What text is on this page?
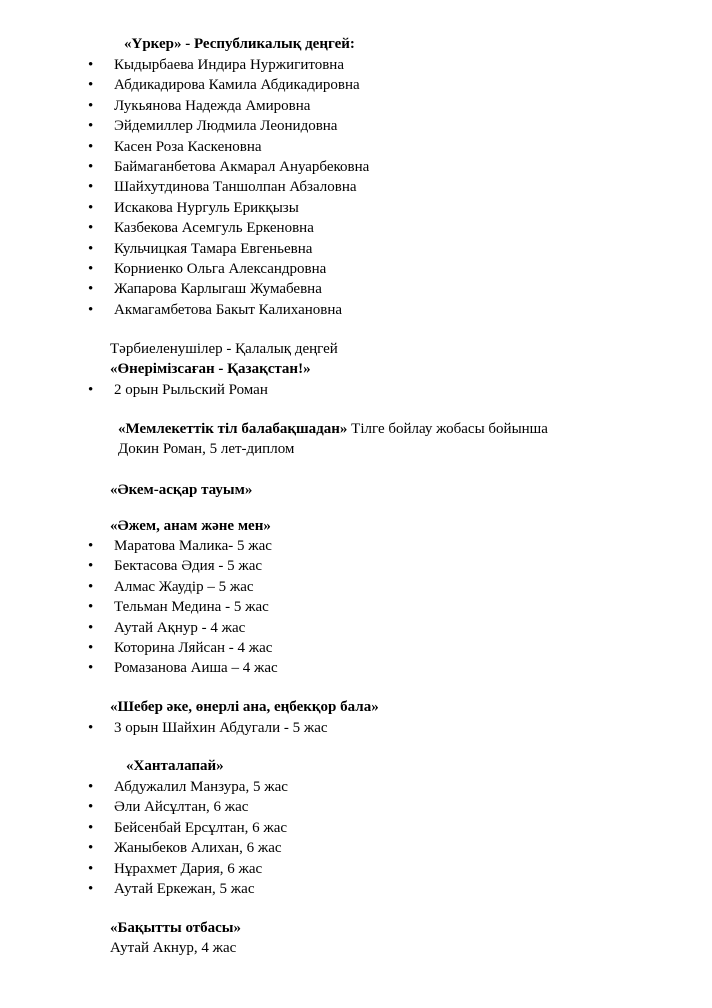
«Үркер» - Республикалық деңгей:
•	Кыдырбаева Индира Нуржигитовна
•	Абдикадирова Камила Абдикадировна
•	Лукьянова Надежда Амировна
•	Эйдемиллер Людмила Леонидовна
•	Касен Роза Каскеновна
•	Баймаганбетова Акмарал Ануарбековна
•	Шайхутдинова Таншолпан Абзаловна
•	Искакова Нургуль Ерикқызы
•	Казбекова Асемгуль Еркеновна
•	Кульчицкая Тамара Евгеньевна
•	Корниенко Ольга Александровна
•	Жапарова Карлыгаш Жумабевна
•	Акмагамбетова Бакыт Калихановна
Тәрбиеленушілер - Қалалық деңгей
«Өнерімізсаған - Қазақстан!»
•	2 орын Рыльский Роман
«Мемлекеттік тіл балабақшадан» Тілге бойлау жобасы бойынша
Докин Роман, 5 лет-диплом
«Әкем-асқар тауым»
«Әжем, анам және мен»
•	Маратова Малика- 5 жас
•	Бектасова Әдия - 5 жас
•	Алмас Жаудір – 5 жас
•	Тельман Медина - 5 жас
•	Аутай Ақнур - 4 жас
•	Которина Ляйсан - 4 жас
•	Ромазанова Аиша – 4 жас
«Шебер әке, өнерлі ана, еңбекқор бала»
•	3 орын Шайхин Абдугали - 5 жас
«Ханталапай»
•	Абдужалил Манзура, 5 жас
•	Әли Айсұлтан, 6 жас
•	Бейсенбай Ерсұлтан, 6 жас
•	Жаныбеков Алихан, 6 жас
•	Нұрахмет Дария, 6 жас
•	Аутай Еркежан, 5 жас
«Бақытты отбасы»
Аутай Акнур, 4 жас
